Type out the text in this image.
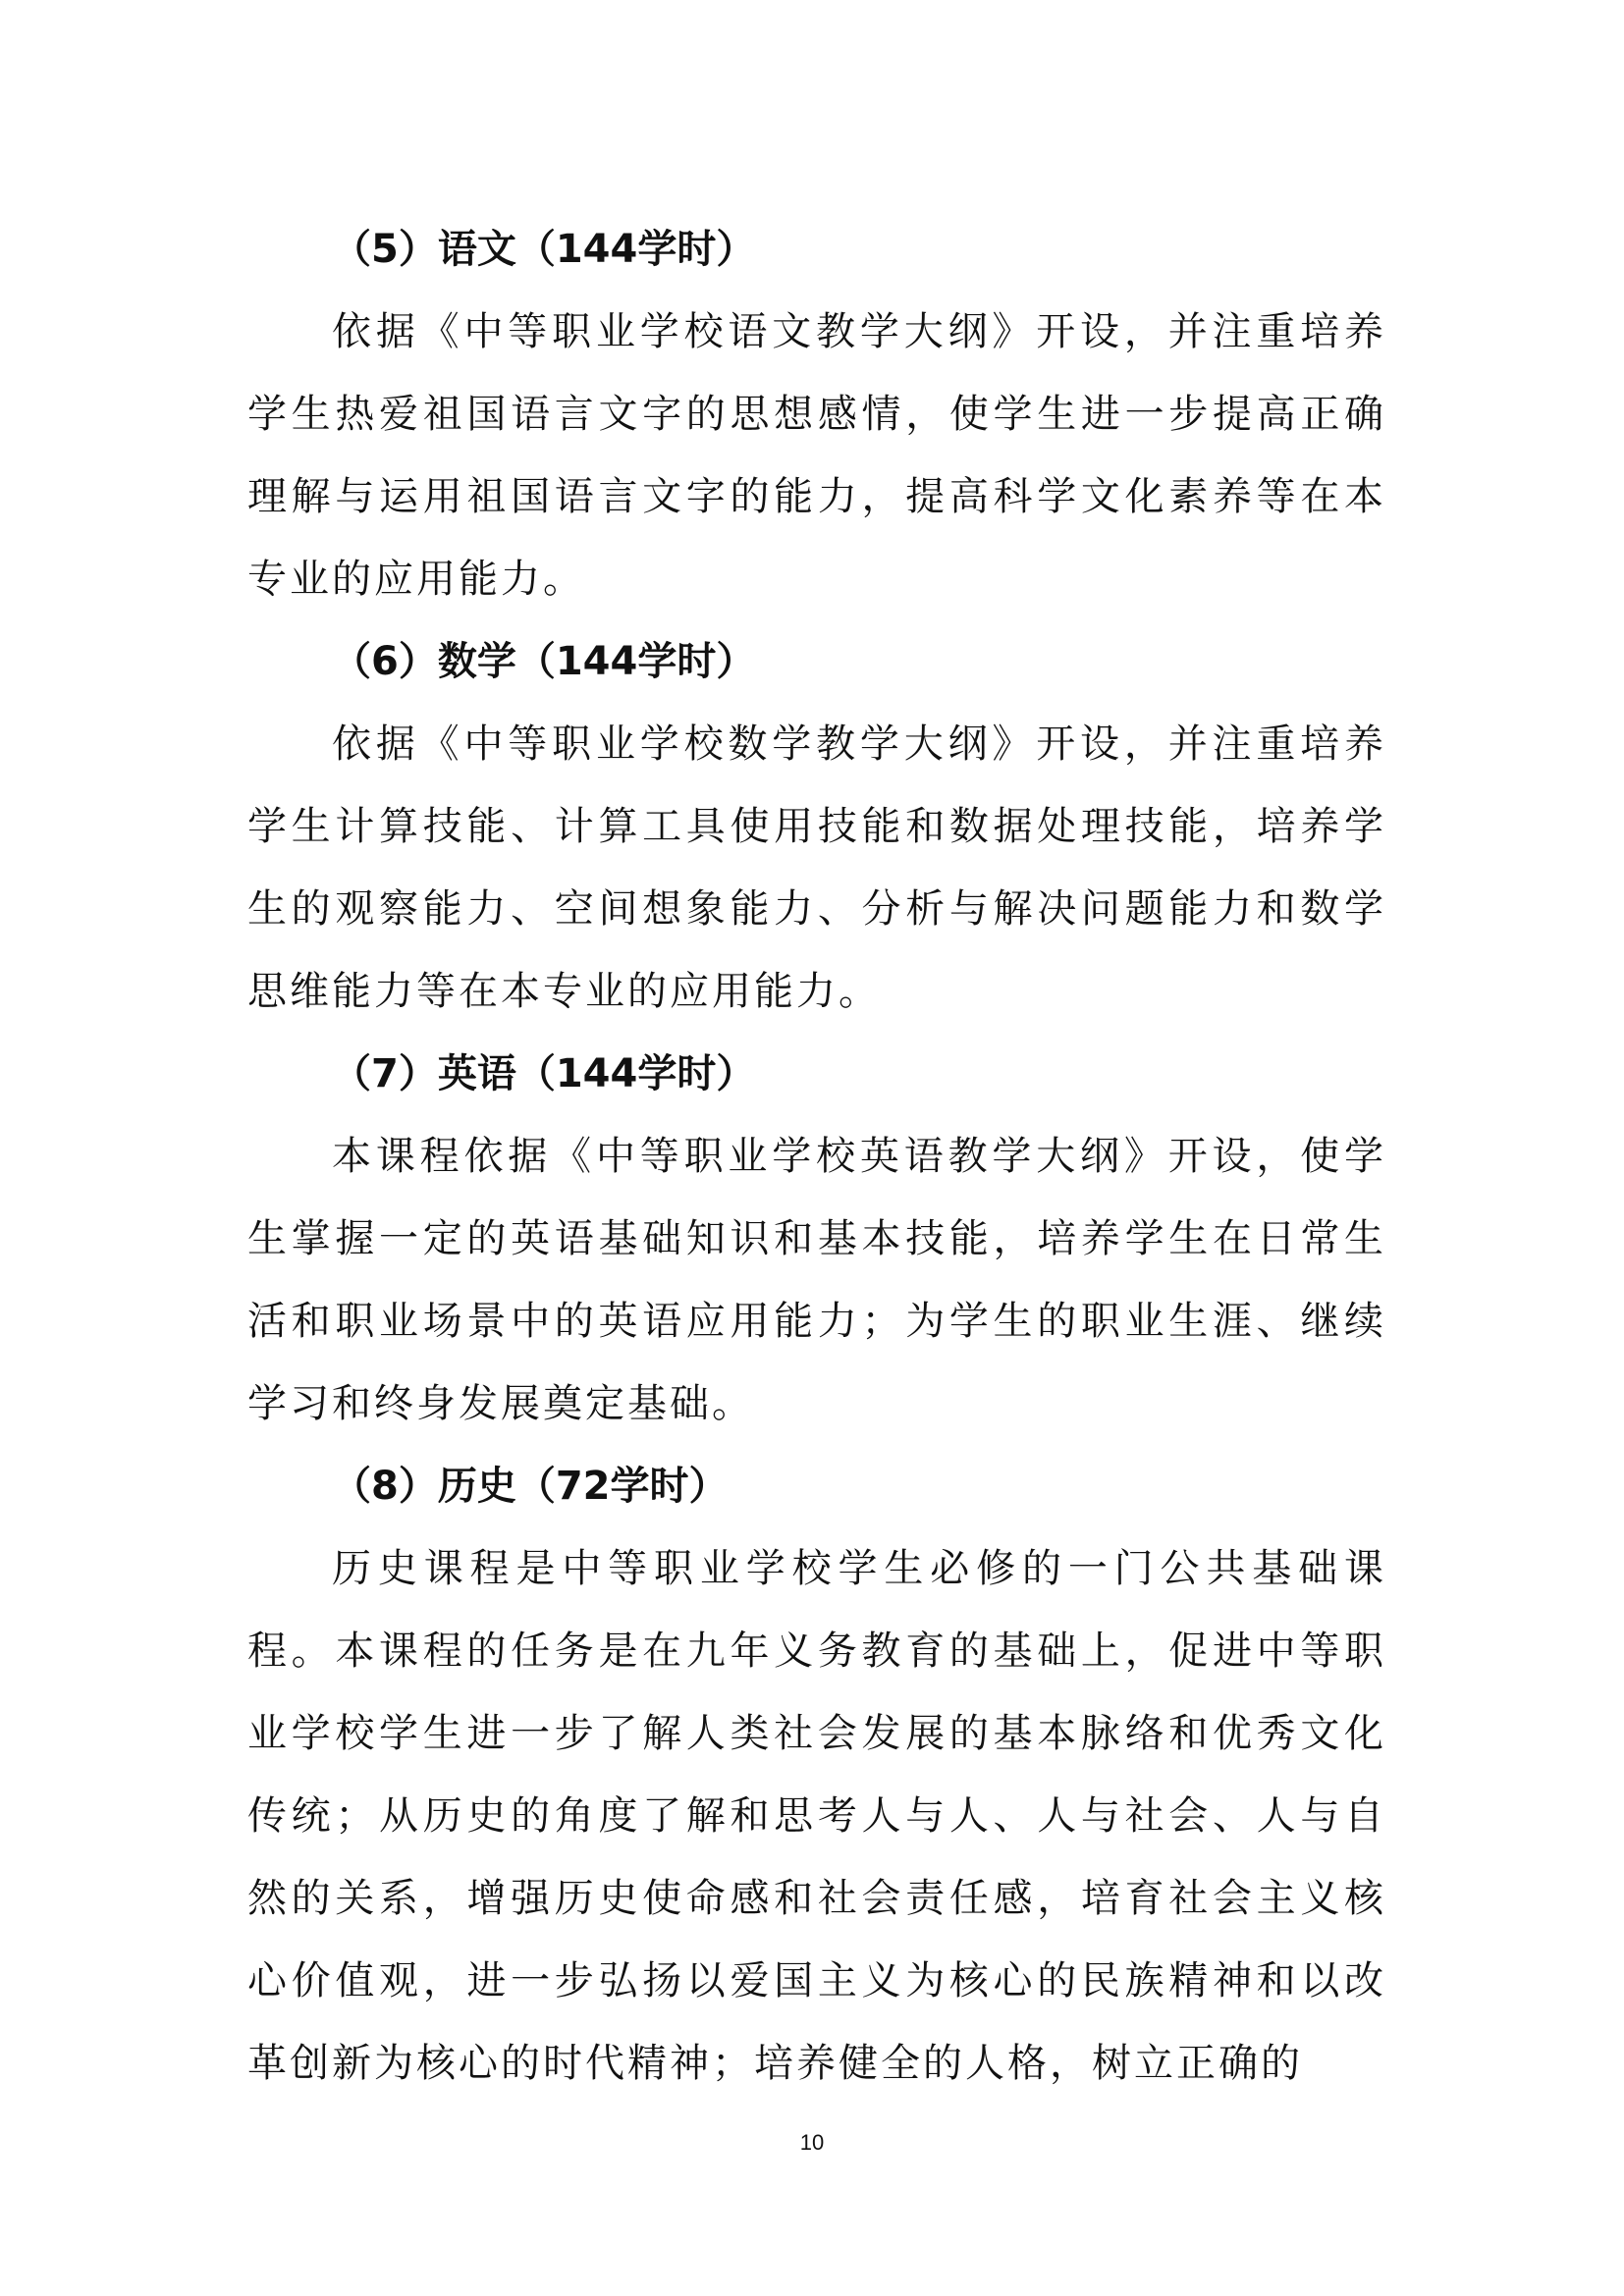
（5）语文（144学时）

依据《中等职业学校语文教学大纲》开设，并注重培养学生热爱祖国语言文字的思想感情，使学生进一步提高正确理解与运用祖国语言文字的能力，提高科学文化素养等在本专业的应用能力。

（6）数学（144学时）

依据《中等职业学校数学教学大纲》开设，并注重培养学生计算技能、计算工具使用技能和数据处理技能，培养学生的观察能力、空间想象能力、分析与解决问题能力和数学思维能力等在本专业的应用能力。

（7）英语（144学时）

本课程依据《中等职业学校英语教学大纲》开设，使学生掌握一定的英语基础知识和基本技能，培养学生在日常生活和职业场景中的英语应用能力；为学生的职业生涯、继续学习和终身发展奠定基础。

（8）历史（72学时）

历史课程是中等职业学校学生必修的一门公共基础课程。本课程的任务是在九年义务教育的基础上，促进中等职业学校学生进一步了解人类社会发展的基本脉络和优秀文化传统；从历史的角度了解和思考人与人、人与社会、人与自然的关系，增强历史使命感和社会责任感，培育社会主义核心价值观，进一步弘扬以爱国主义为核心的民族精神和以改革创新为核心的时代精神；培养健全的人格，树立正确的

10
